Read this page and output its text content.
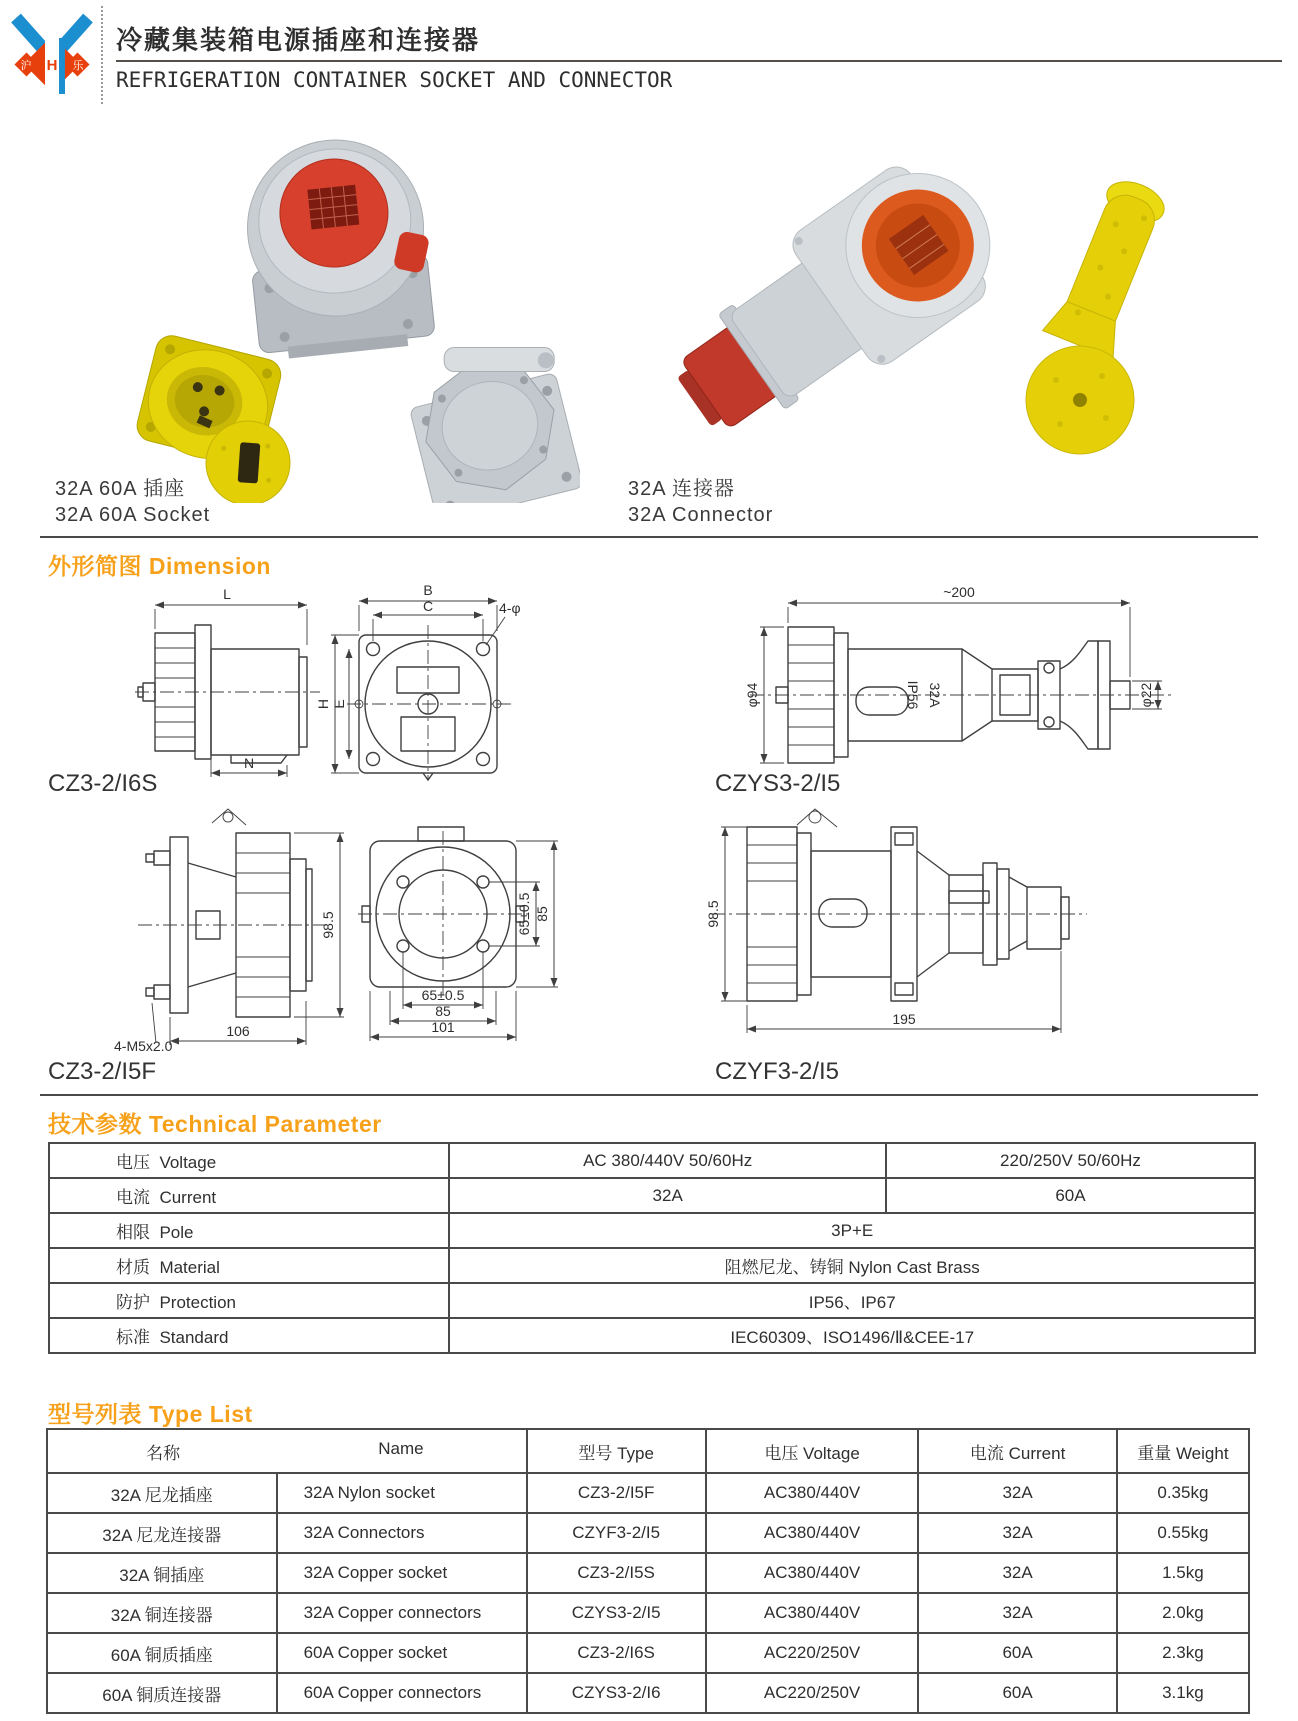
沪 H 乐
冷藏集装箱电源插座和连接器
REFRIGERATION CONTAINER SOCKET AND CONNECTOR
32A 60A 插座
32A 60A Socket
32A 连接器
32A Connector
外形简图 Dimension
L
N
H E
B
C	4-φ
~200
φ94	IP56 32A	φ22
CZ3-2/I6S	CZYS3-2/I5
98.5
106
4-M5x2.0
65±0.5 85
65±0.5
85
101
98.5
195
CZ3-2/I5F	CZYF3-2/I5
技术参数 Technical Parameter
电压  Voltage	AC 380/440V 50/60Hz	220/250V 50/60Hz
电流  Current	32A	60A
相限  Pole	3P+E	
材质  Material	阻燃尼龙、铸铜 Nylon Cast Brass	
防护  Protection	IP56、IP67	
标准  Standard	IEC60309、ISO1496/Ⅱ&CEE-17	
型号列表 Type List
名称 Name		型号 Type	电压 Voltage	电流 Current	重量 Weight
32A 尼龙插座	32A Nylon socket	CZ3-2/I5F	AC380/440V	32A	0.35kg
32A 尼龙连接器	32A Connectors	CZYF3-2/I5	AC380/440V	32A	0.55kg
32A 铜插座	32A Copper socket	CZ3-2/I5S	AC380/440V	32A	1.5kg
32A 铜连接器	32A Copper connectors	CZYS3-2/I5	AC380/440V	32A	2.0kg
60A 铜质插座	60A Copper socket	CZ3-2/I6S	AC220/250V	60A	2.3kg
60A 铜质连接器	60A Copper connectors	CZYS3-2/I6	AC220/250V	60A	3.1kg
